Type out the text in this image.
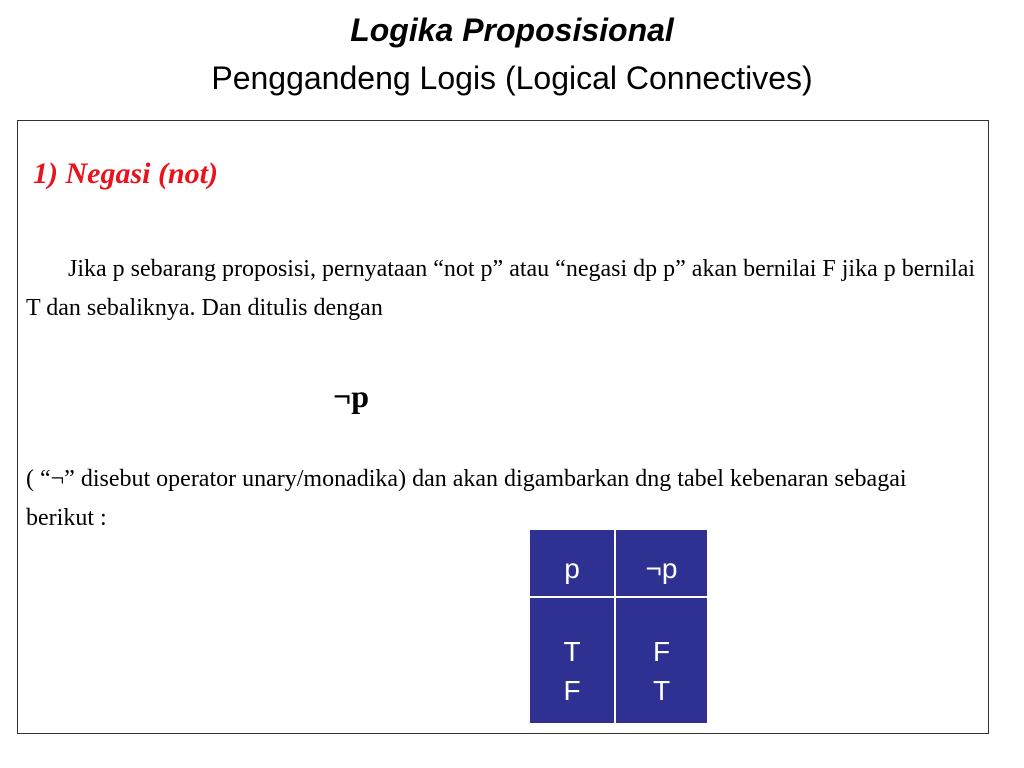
Logika Proposisional
Penggandeng Logis (Logical Connectives)
1) Negasi (not)
Jika p sebarang proposisi, pernyataan “not p” atau “negasi dp p” akan bernilai F jika p bernilai T dan sebaliknya. Dan ditulis dengan
¬p
( “¬” disebut operator unary/monadika) dan akan digambarkan dng tabel kebenaran sebagai berikut :
p	¬p
T	F
F	T
